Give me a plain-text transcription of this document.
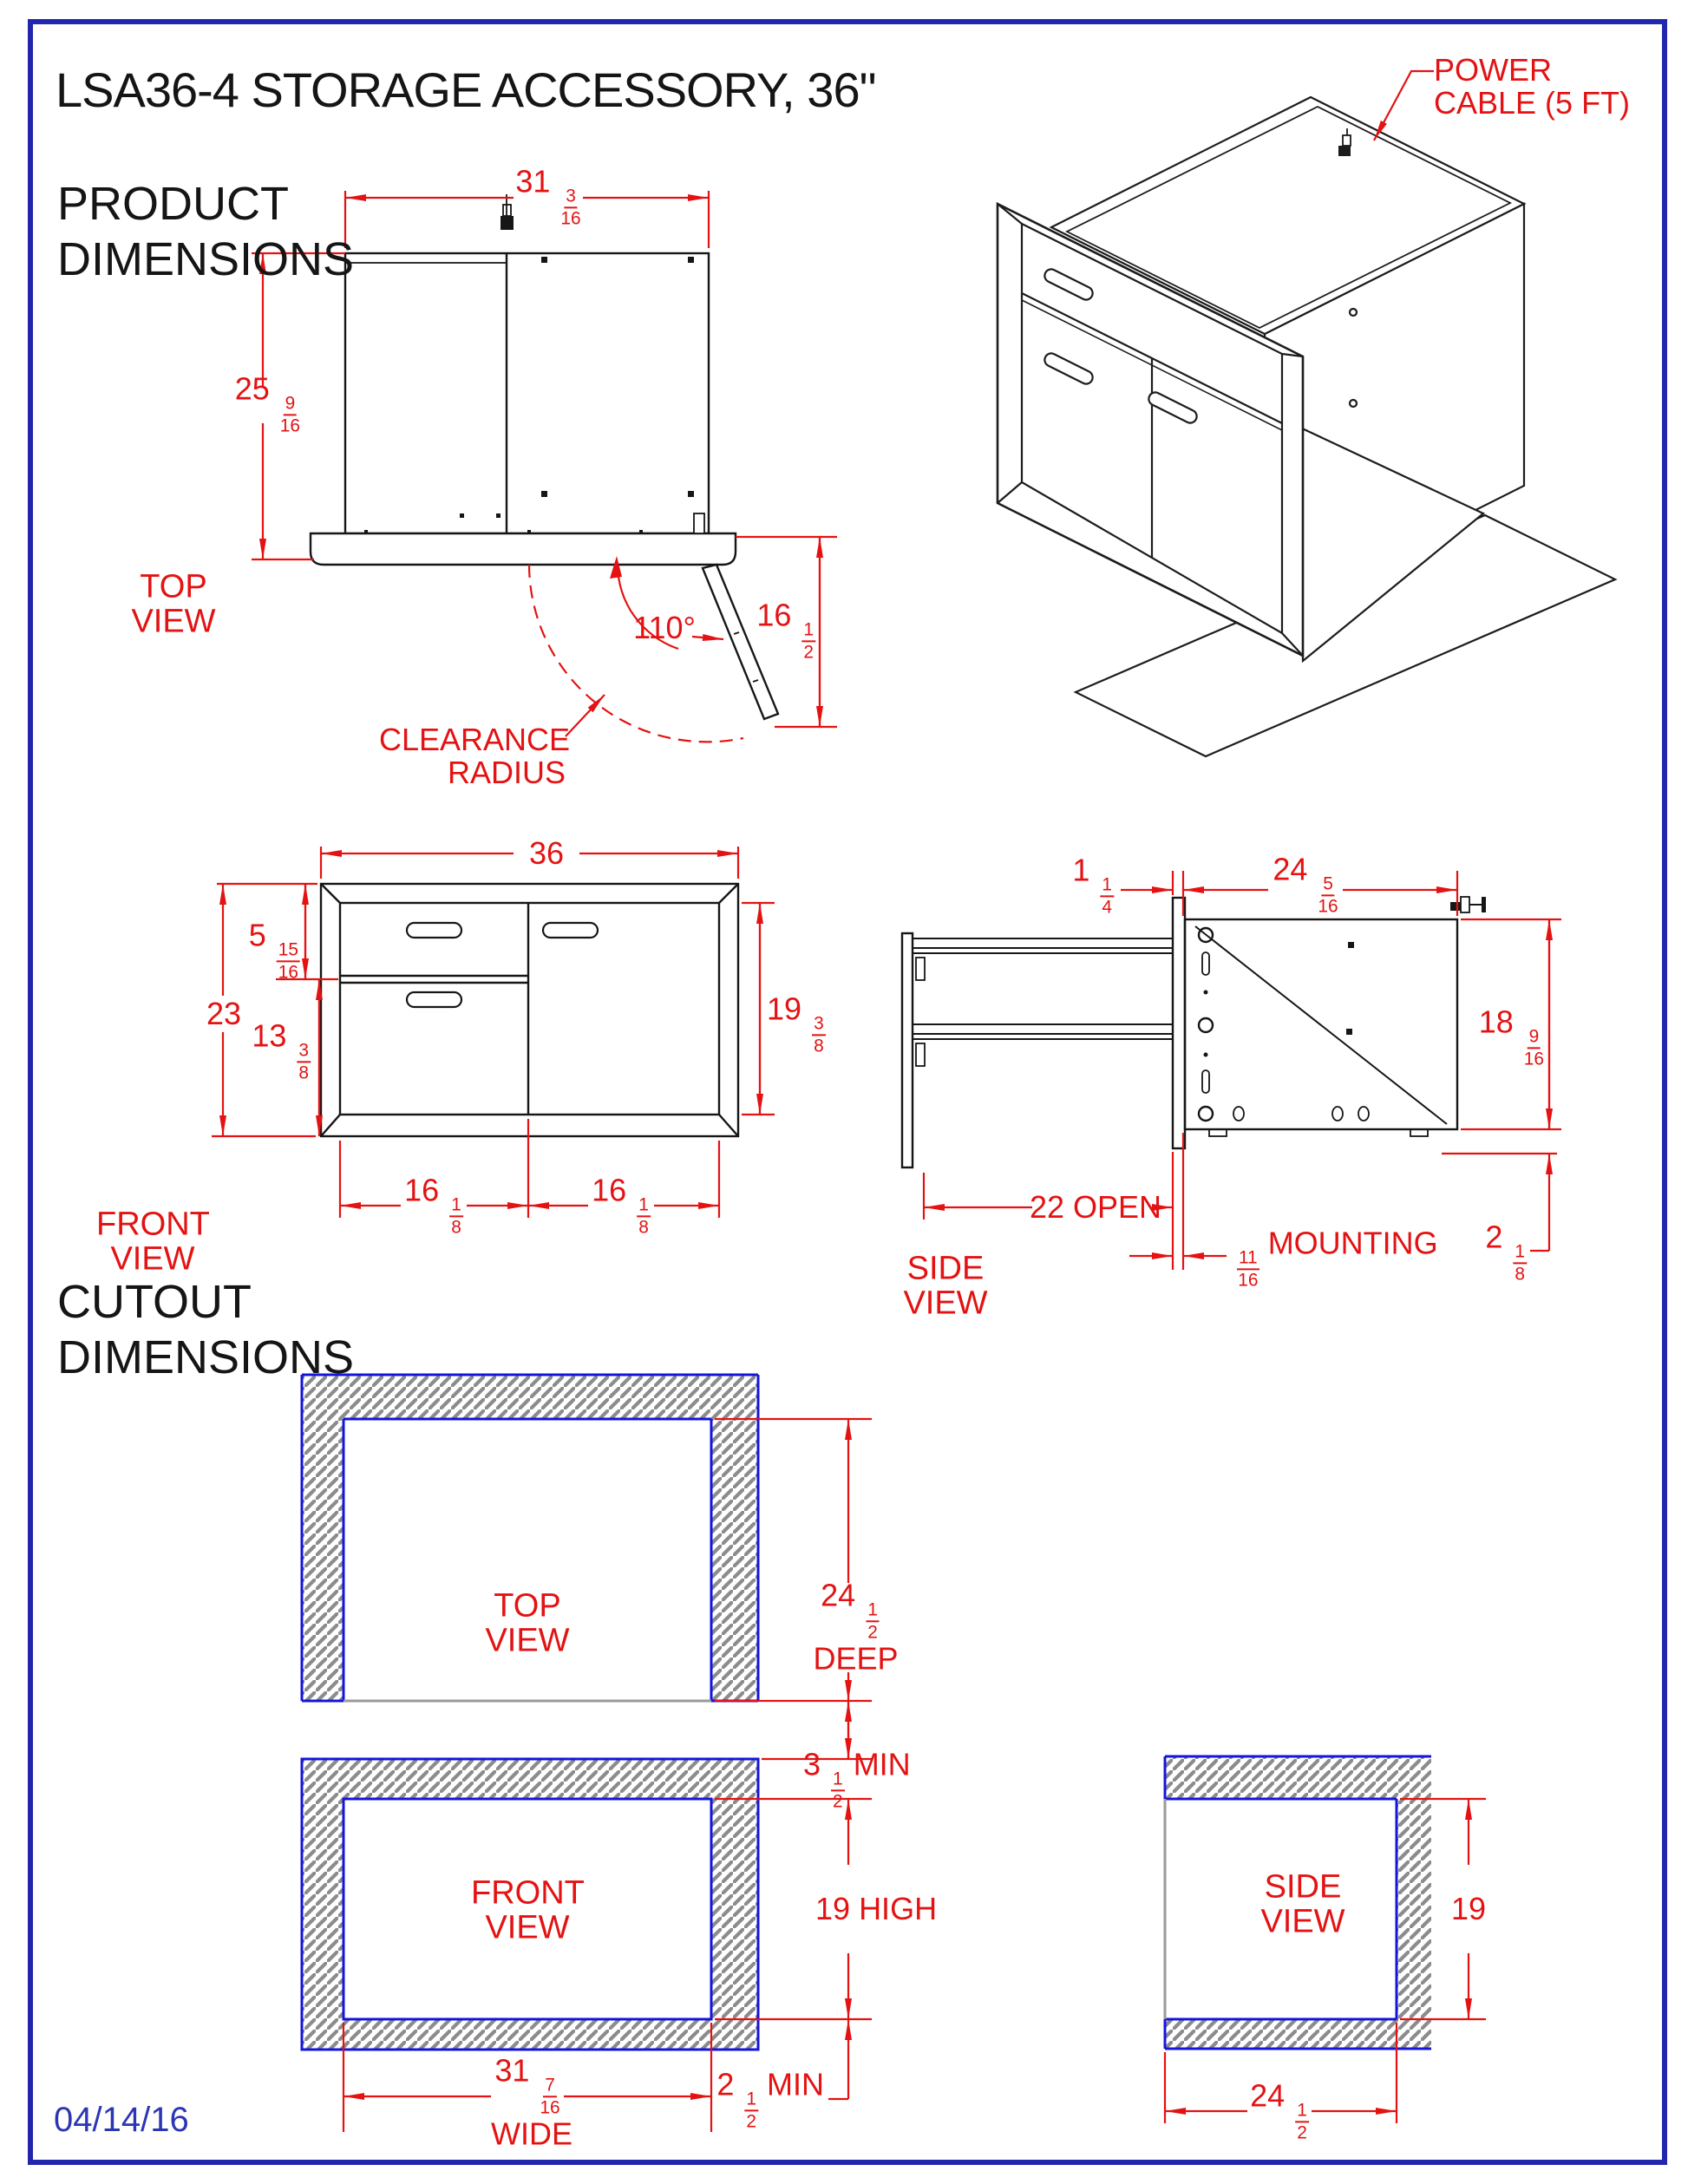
LSA36-4 STORAGE ACCESSORY, 36"
PRODUCT
DIMENSIONS
CUTOUT
DIMENSIONS
TOP VIEW
31
$\frac{3}{16}$
25
$\frac{9}{16}$
16
$\frac{1}{2}$
110°
CLEARANCE RADIUS
POWER CABLE (5 FT)
FRONT VIEW
36
5
$\frac{15}{16}$
23
13
$\frac{3}{8}$
19
$\frac{3}{8}$
16
$\frac{1}{8}$
16
$\frac{1}{8}$
SIDE VIEW
1
$\frac{1}{4}$
24
$\frac{5}{16}$
18
$\frac{9}{16}$
22 OPEN
$\frac{11}{16}$
MOUNTING 2
$\frac{1}{8}$
TOP VIEW
24
$\frac{1}{2}$
DEEP
3
$\frac{1}{2}$
MIN
FRONT VIEW
19 HIGH
31
$\frac{7}{16}$
WIDE
2
$\frac{1}{2}$
MIN
SIDE VIEW	19
24
$\frac{1}{2}$
04/14/16
